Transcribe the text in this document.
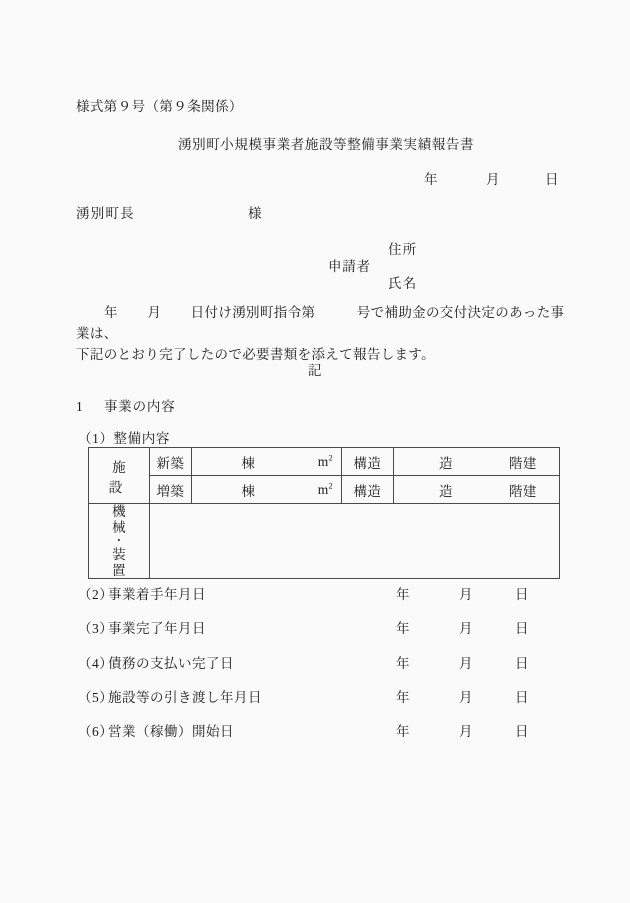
様式第９号（第９条関係）
湧別町小規模事業者施設等整備事業実績報告書
年	月	日
湧別町長	様
申請者
住所
氏名
年 月 日付け湧別町指令第	号で補助金の交付決定のあった事業は、
下記のとおり完了したので必要書類を添えて報告します。
記
1 事業の内容
（1）整備内容
施設	新築	棟 $m^2$	構造	造 階建

	増築	棟 $m^2$	構造	造 階建

機械
・
装置				

（2）事業着手年月日	年	月	日
（3）事業完了年月日	年	月	日
（4）債務の支払い完了日	年	月	日
（5）施設等の引き渡し年月日	年	月	日
（6）営業（稼働）開始日	年	月	日
